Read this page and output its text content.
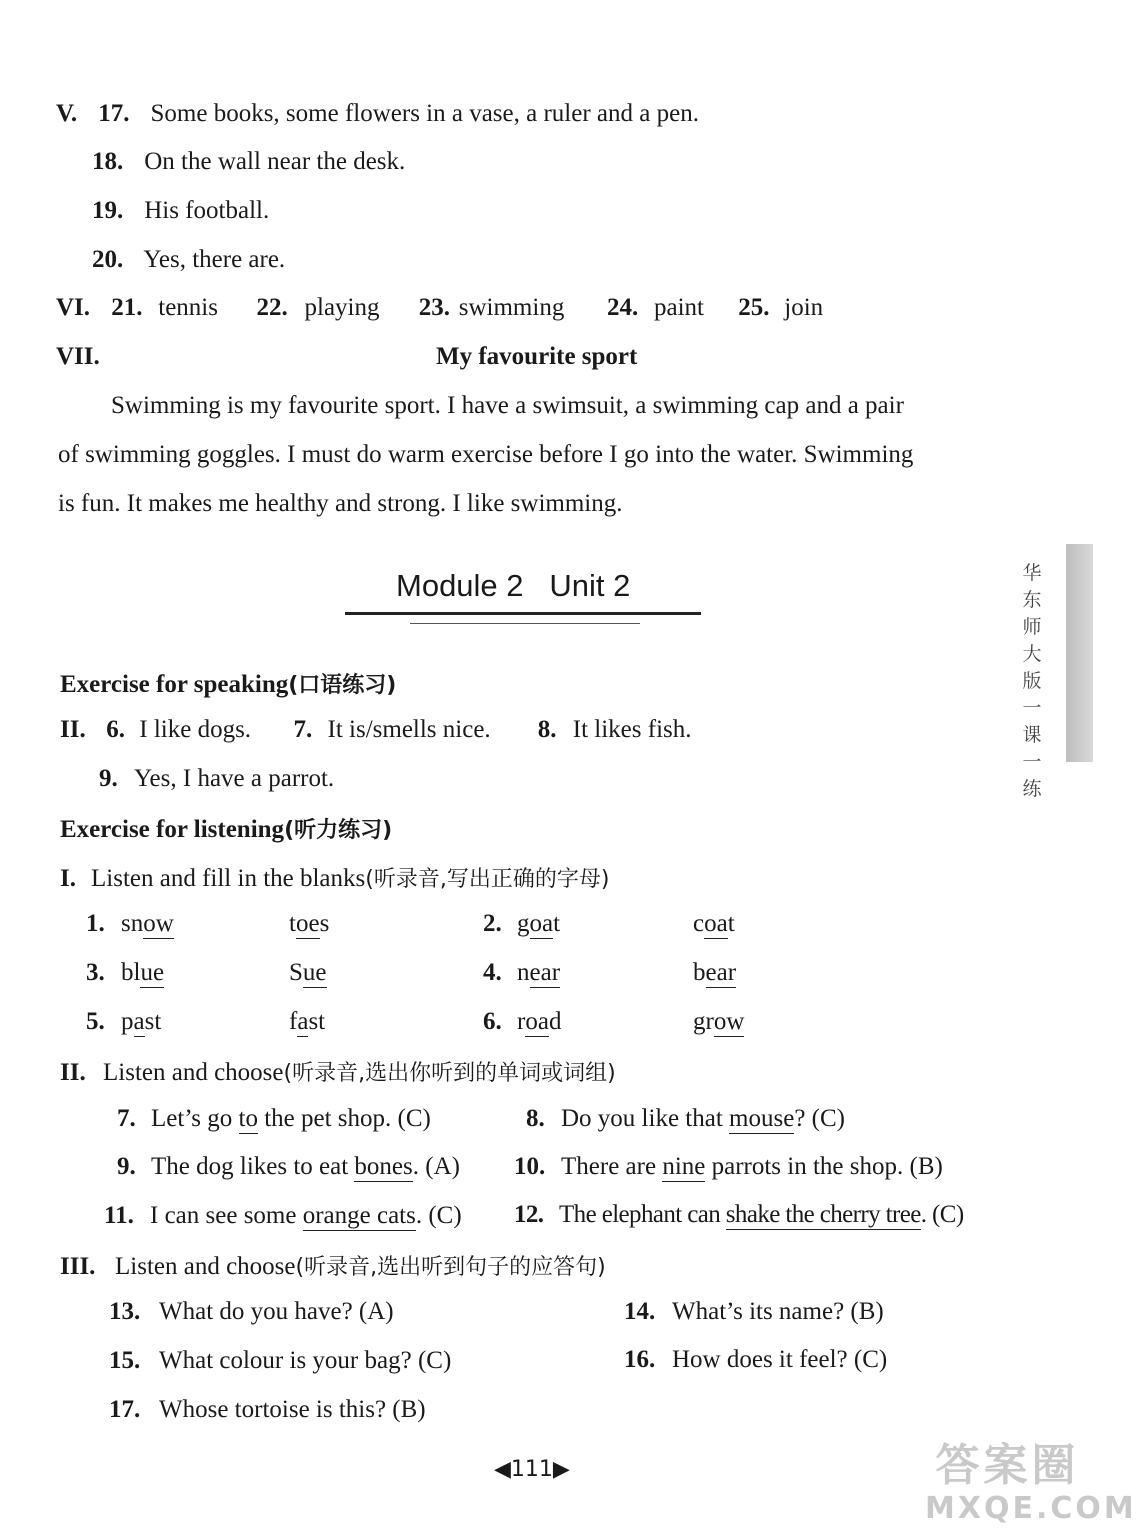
V. 17. Some books, some flowers in a vase, a ruler and a pen.
18. On the wall near the desk.
19. His football.
20. Yes, there are.
VI. 21. tennis 22. playing 23. swimming 24. paint 25. join
VII.	My favourite sport
Swimming is my favourite sport. I have a swimsuit, a swimming cap and a pair
of swimming goggles. I must do warm exercise before I go into the water. Swimming
is fun. It makes me healthy and strong. I like swimming.
Module 2   Unit 2
Exercise for speaking(口语练习)
II. 6. I like dogs. 7. It is/smells nice. 8. It likes fish.
9. Yes, I have a parrot.
Exercise for listening(听力练习)
I. Listen and fill in the blanks(听录音,写出正确的字母)
1. snow	toes	2. goat	coat
3. blue	Sue	4. near	bear
5. past	fast	6. road	grow
II. Listen and choose(听录音,选出你听到的单词或词组)
7. Let’s go to the pet shop. (C)	8. Do you like that mouse? (C)
9. The dog likes to eat bones. (A) 10. There are nine parrots in the shop. (B)
11. I can see some orange cats. (C) 12. The elephant can shake the cherry tree. (C)
III. Listen and choose(听录音,选出听到句子的应答句)
13. What do you have? (A)	14. What’s its name? (B)
15. What colour is your bag? (C)	16. How does it feel? (C)
17. Whose tortoise is this? (B)
◀111▶
华
东
师
大
版
一
课
一
练
答案圈
MXQE.COM
